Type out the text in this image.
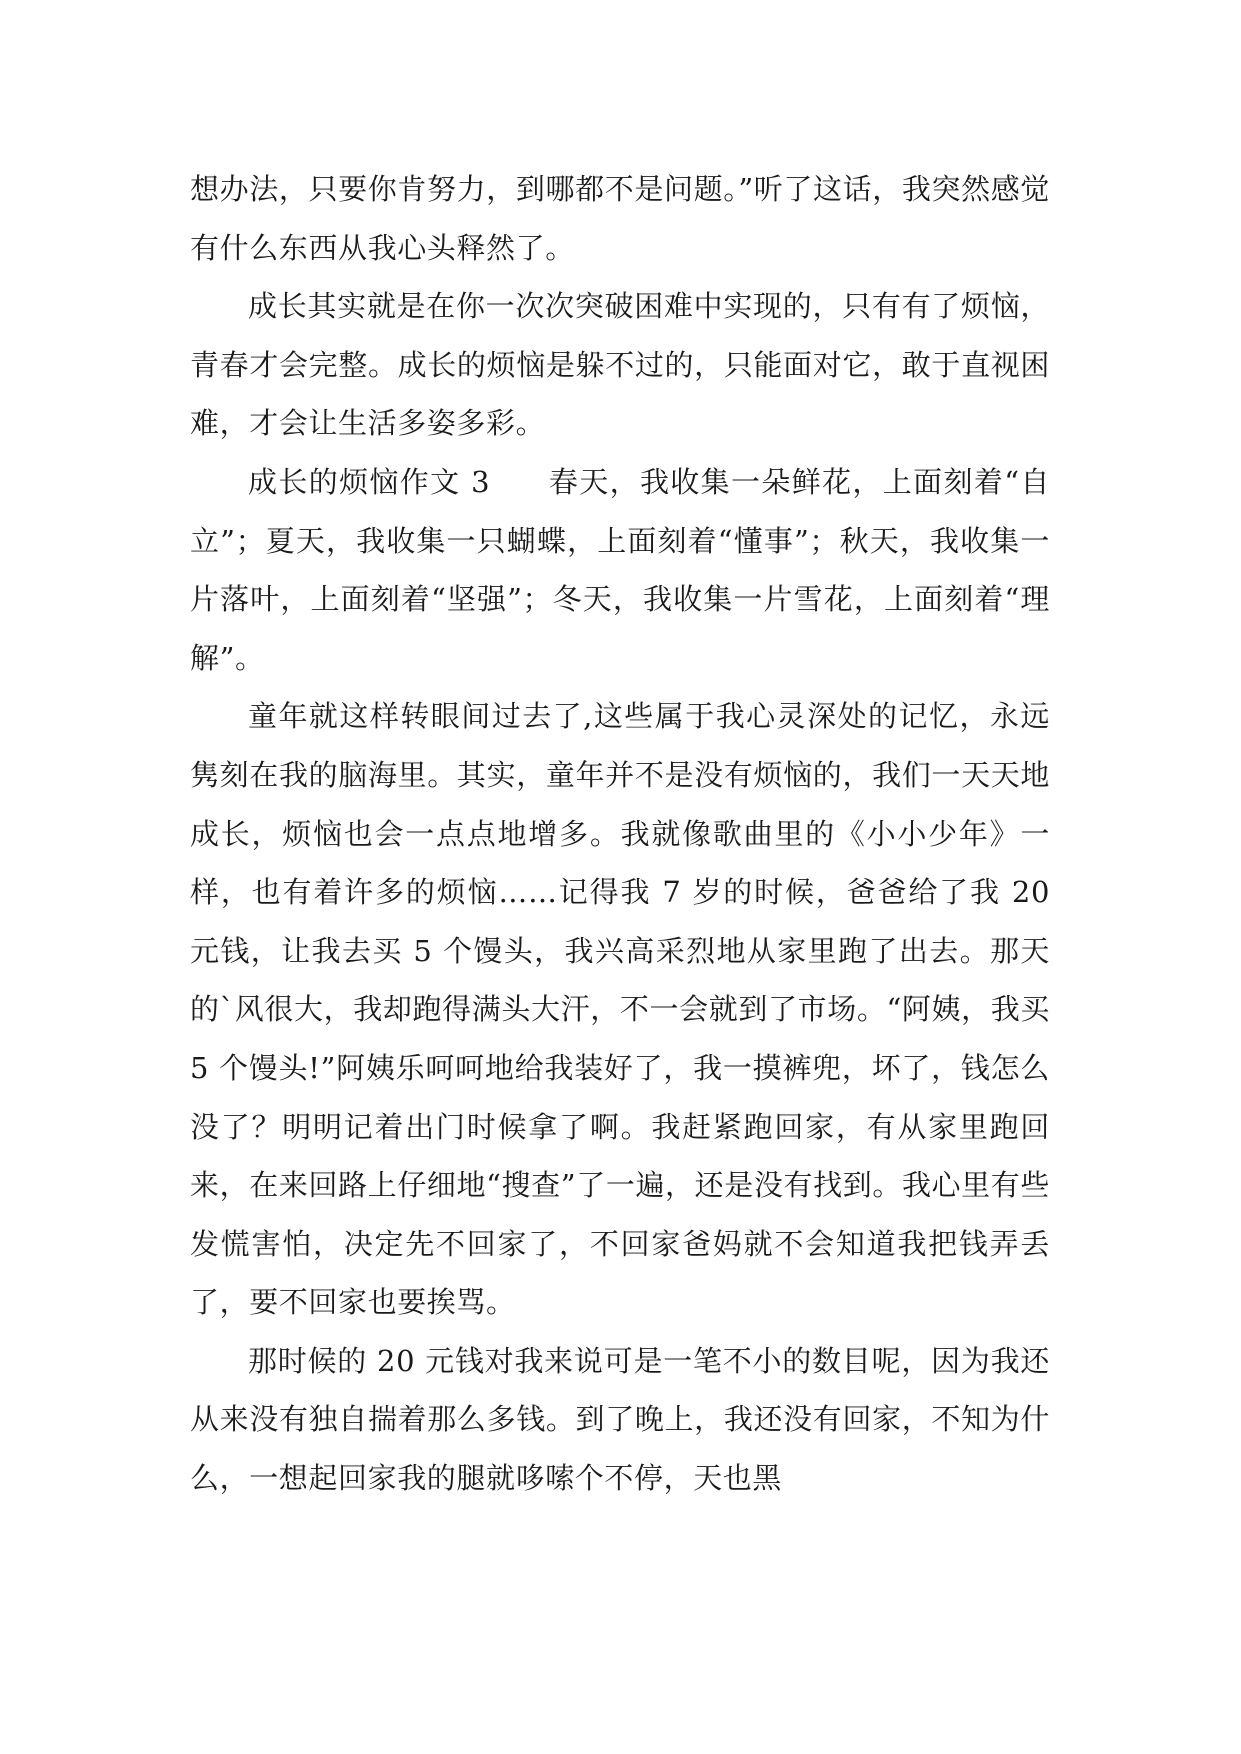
想办法，只要你肯努力，到哪都不是问题。”听了这话，我突然感觉有什么东西从我心头释然了。

成长其实就是在你一次次突破困难中实现的，只有有了烦恼，青春才会完整。成长的烦恼是躲不过的，只能面对它，敢于直视困难，才会让生活多姿多彩。

成长的烦恼作文 3 春天，我收集一朵鲜花，上面刻着“自立”；夏天，我收集一只蝴蝶，上面刻着“懂事”；秋天，我收集一片落叶，上面刻着“坚强”；冬天，我收集一片雪花，上面刻着“理解”。

童年就这样转眼间过去了,这些属于我心灵深处的记忆，永远隽刻在我的脑海里。其实，童年并不是没有烦恼的，我们一天天地成长，烦恼也会一点点地增多。我就像歌曲里的《小小少年》一样，也有着许多的烦恼……记得我 7 岁的时候，爸爸给了我 20 元钱，让我去买 5 个馒头，我兴高采烈地从家里跑了出去。那天的`风很大，我却跑得满头大汗，不一会就到了市场。“阿姨，我买 5 个馒头!”阿姨乐呵呵地给我装好了，我一摸裤兜，坏了，钱怎么没了？明明记着出门时候拿了啊。我赶紧跑回家，有从家里跑回来，在来回路上仔细地“搜查”了一遍，还是没有找到。我心里有些发慌害怕，决定先不回家了，不回家爸妈就不会知道我把钱弄丢了，要不回家也要挨骂。

那时候的 20 元钱对我来说可是一笔不小的数目呢，因为我还从来没有独自揣着那么多钱。到了晚上，我还没有回家，不知为什么，一想起回家我的腿就哆嗦个不停，天也黑
